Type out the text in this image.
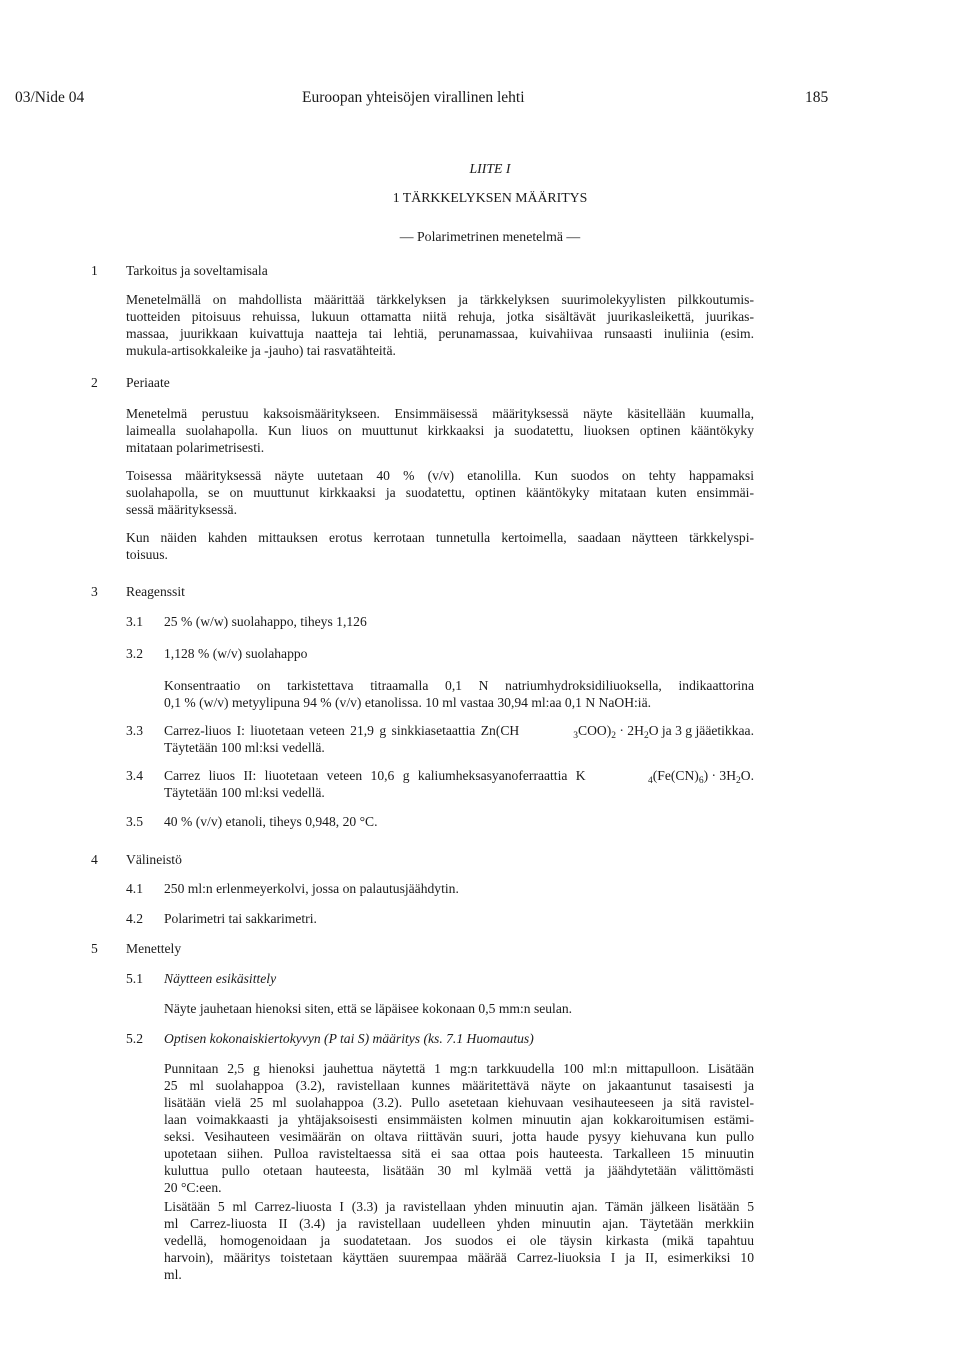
03/Nide 04	Euroopan yhteisöjen virallinen lehti	185
LIITE I
1 TÄRKKELYKSEN MÄÄRITYS
— Polarimetrinen menetelmä —
1 Tarkoitus ja soveltamisala
Menetelmällä on mahdollista määrittää tärkkelyksen ja tärkkelyksen suurimolekyylisten pilkkoutumis-
tuotteiden pitoisuus rehuissa, lukuun ottamatta niitä rehuja, jotka sisältävät juurikasleikettä, juurikas-
massaa, juurikkaan kuivattuja naatteja tai lehtiä, perunamassaa, kuivahiivaa runsaasti inuliinia (esim.
mukula-artisokkaleike ja -jauho) tai rasvatähteitä.
2 Periaate
Menetelmä perustuu kaksoismääritykseen. Ensimmäisessä määrityksessä näyte käsitellään kuumalla,
laimealla suolahapolla. Kun liuos on muuttunut kirkkaaksi ja suodatettu, liuoksen optinen kääntökyky
mitataan polarimetrisesti.
Toisessa määrityksessä näyte uutetaan 40 % (v/v) etanolilla. Kun suodos on tehty happamaksi
suolahapolla, se on muuttunut kirkkaaksi ja suodatettu, optinen kääntökyky mitataan kuten ensimmäi-
sessä määrityksessä.
Kun näiden kahden mittauksen erotus kerrotaan tunnetulla kertoimella, saadaan näytteen tärkkelyspi-
toisuus.
3 Reagenssit
3.1 25 % (w/w) suolahappo, tiheys 1,126
3.2 1,128 % (w/v) suolahappo
Konsentraatio on tarkistettava titraamalla 0,1 N natriumhydroksidiliuoksella, indikaattorina
0,1 % (w/v) metyylipuna 94 % (v/v) etanolissa. 10 ml vastaa 30,94 ml:aa 0,1 N NaOH:iä.
3.3 Carrez-liuos I: liuotetaan veteen 21,9 g sinkkiasetaattia Zn(CH	$_3COO)_2 \cdot 2H_2O$ ja 3 g jääetikkaa.
Täytetään 100 ml:ksi vedellä.
3.4 Carrez liuos II: liuotetaan veteen 10,6 g kaliumheksasyanoferraattia K	$_4(Fe(CN)_6) \cdot 3H_2O$.
Täytetään 100 ml:ksi vedellä.
3.5 40 % (v/v) etanoli, tiheys 0,948, 20 °C.
4 Välineistö
4.1 250 ml:n erlenmeyerkolvi, jossa on palautusjäähdytin.
4.2 Polarimetri tai sakkarimetri.
5 Menettely
5.1 Näytteen esikäsittely
Näyte jauhetaan hienoksi siten, että se läpäisee kokonaan 0,5 mm:n seulan.
5.2 Optisen kokonaiskiertokyvyn (P tai S) määritys (ks. 7.1 Huomautus)
Punnitaan 2,5 g hienoksi jauhettua näytettä 1 mg:n tarkkuudella 100 ml:n mittapulloon. Lisätään
25 ml suolahappoa (3.2), ravistellaan kunnes määritettävä näyte on jakaantunut tasaisesti ja
lisätään vielä 25 ml suolahappoa (3.2). Pullo asetetaan kiehuvaan vesihauteeseen ja sitä ravistel-
laan voimakkaasti ja yhtäjaksoisesti ensimmäisten kolmen minuutin ajan kokkaroitumisen estämi-
seksi. Vesihauteen vesimäärän on oltava riittävän suuri, jotta haude pysyy kiehuvana kun pullo
upotetaan siihen. Pulloa ravisteltaessa sitä ei saa ottaa pois hauteesta. Tarkalleen 15 minuutin
kuluttua pullo otetaan hauteesta, lisätään 30 ml kylmää vettä ja jäähdytetään välittömästi
20 °C:een.
Lisätään 5 ml Carrez-liuosta I (3.3) ja ravistellaan yhden minuutin ajan. Tämän jälkeen lisätään 5
ml Carrez-liuosta II (3.4) ja ravistellaan uudelleen yhden minuutin ajan. Täytetään merkkiin
vedellä, homogenoidaan ja suodatetaan. Jos suodos ei ole täysin kirkasta (mikä tapahtuu
harvoin), määritys toistetaan käyttäen suurempaa määrää Carrez-liuoksia I ja II, esimerkiksi 10
ml.
